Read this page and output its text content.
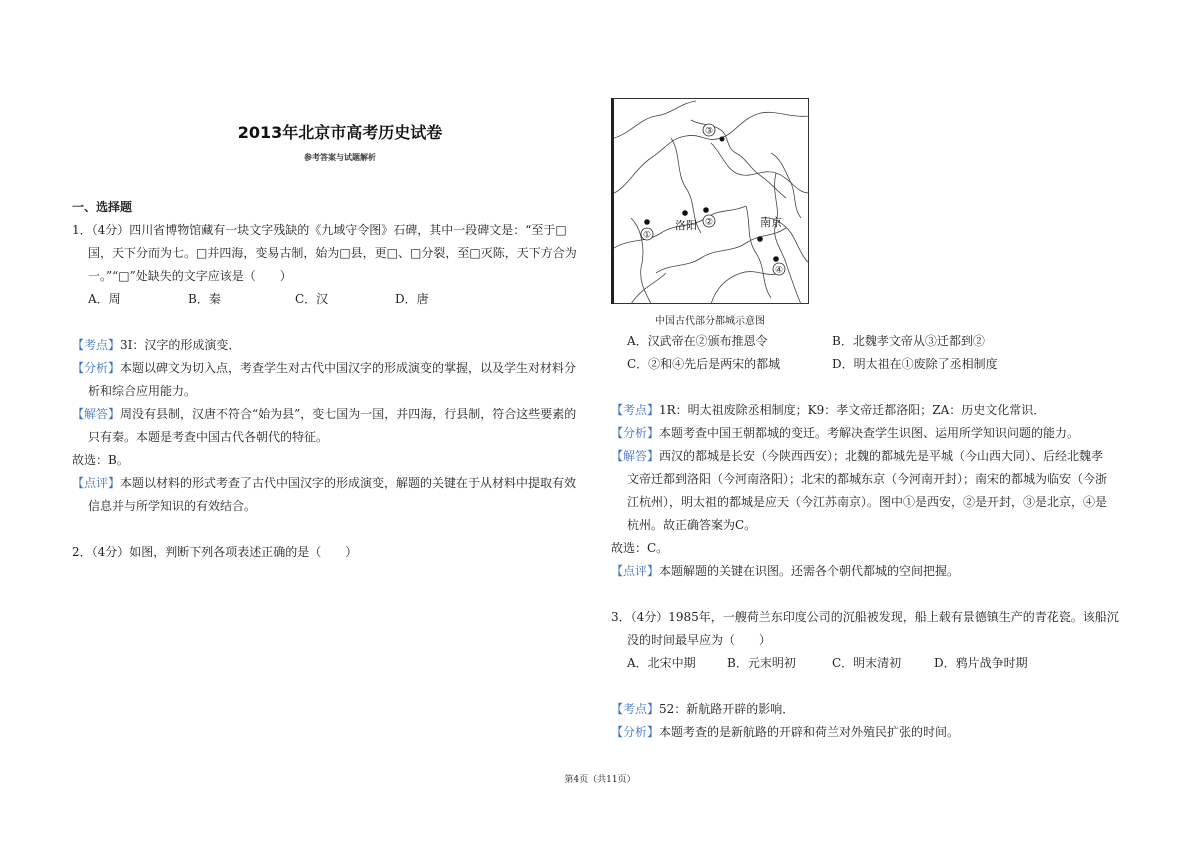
2013年北京市高考历史试卷
参考答案与试题解析
一、选择题
1．（4分）四川省博物馆藏有一块文字残缺的《九域守令图》石碑，其中一段碑文是：“至于□
国，天下分而为七。□并四海，变易古制，始为□县，更□、□分裂，至□灭陈，天下方合为
一。”“□”处缺失的文字应该是（　　）
A．周	B．秦	C．汉	D．唐
【考点】3I：汉字的形成演变．
【分析】本题以碑文为切入点，考查学生对古代中国汉字的形成演变的掌握，以及学生对材料分
析和综合应用能力。
【解答】周没有县制，汉唐不符合“始为县”，变七国为一国，并四海，行县制，符合这些要素的
只有秦。本题是考查中国古代各朝代的特征。
故选：B。
【点评】本题以材料的形式考查了古代中国汉字的形成演变，解题的关键在于从材料中提取有效
信息并与所学知识的有效结合。
2．（4分）如图，判断下列各项表述正确的是（　　）
③
①
洛阳 ②	南京
④
中国古代部分都城示意图
A．汉武帝在②颁布推恩令	B．北魏孝文帝从③迁都到②
C．②和④先后是两宋的都城	D．明太祖在①废除了丞相制度
【考点】1R：明太祖废除丞相制度；K9：孝文帝迁都洛阳；ZA：历史文化常识．
【分析】本题考查中国王朝都城的变迁。考解决查学生识图、运用所学知识问题的能力。
【解答】西汉的都城是长安（今陕西西安）；北魏的都城先是平城（今山西大同）、后经北魏孝
文帝迁都到洛阳（今河南洛阳）；北宋的都城东京（今河南开封）；南宋的都城为临安（今浙
江杭州），明太祖的都城是应天（今江苏南京）。图中①是西安，②是开封，③是北京，④是
杭州。故正确答案为C。
故选：C。
【点评】本题解题的关键在识图。还需各个朝代都城的空间把握。
3．（4分）1985年，一艘荷兰东印度公司的沉船被发现，船上载有景德镇生产的青花瓷。该船沉
没的时间最早应为（　　）
A．北宋中期	B．元末明初	C．明末清初	D．鸦片战争时期
【考点】52：新航路开辟的影响．
【分析】本题考查的是新航路的开辟和荷兰对外殖民扩张的时间。
第4页（共11页）
